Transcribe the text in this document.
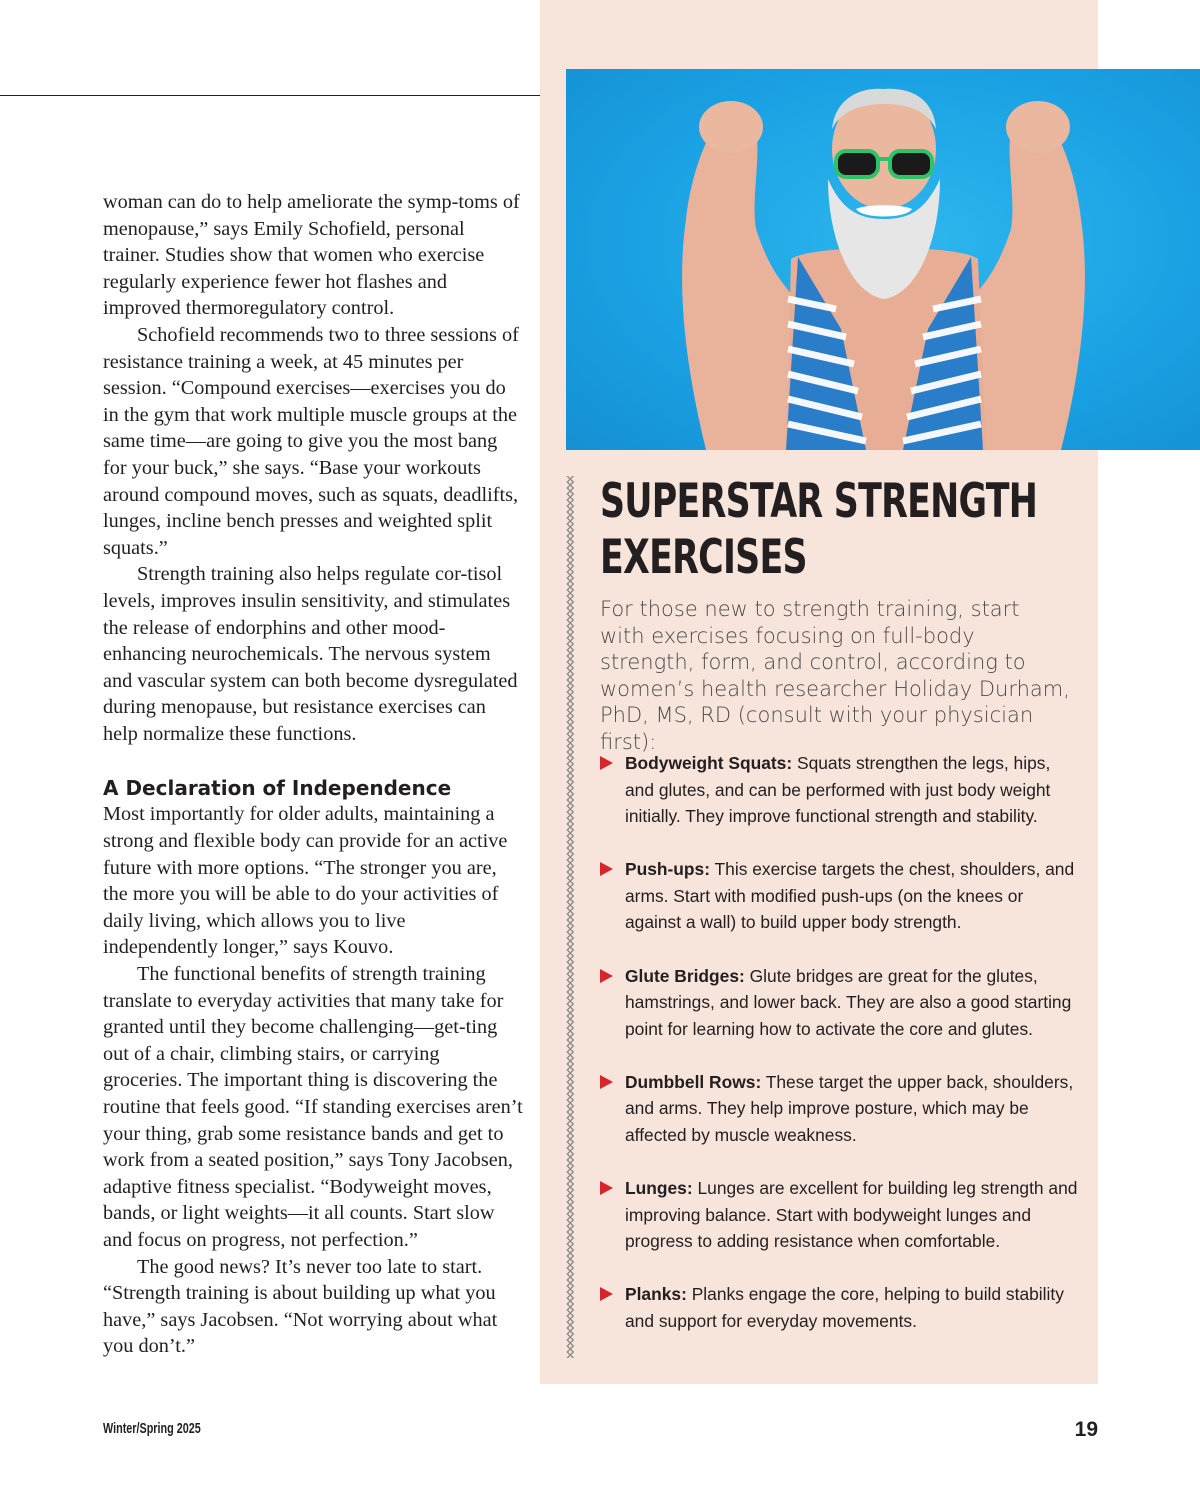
woman can do to help ameliorate the symp-toms of menopause,” says Emily Schofield, personal trainer. Studies show that women who exercise regularly experience fewer hot flashes and improved thermoregulatory control.

Schofield recommends two to three sessions of resistance training a week, at 45 minutes per session. “Compound exercises—exercises you do in the gym that work multiple muscle groups at the same time—are going to give you the most bang for your buck,” she says. “Base your workouts around compound moves, such as squats, deadlifts, lunges, incline bench presses and weighted split squats.”

Strength training also helps regulate cor-tisol levels, improves insulin sensitivity, and stimulates the release of endorphins and other mood-enhancing neurochemicals. The nervous system and vascular system can both become dysregulated during menopause, but resistance exercises can help normalize these functions.

A Declaration of Independence

Most importantly for older adults, maintaining a strong and flexible body can provide for an active future with more options. “The stronger you are, the more you will be able to do your activities of daily living, which allows you to live independently longer,” says Kouvo.

The functional benefits of strength training translate to everyday activities that many take for granted until they become challenging—get-ting out of a chair, climbing stairs, or carrying groceries. The important thing is discovering the routine that feels good. “If standing exercises aren’t your thing, grab some resistance bands and get to work from a seated position,” says Tony Jacobsen, adaptive fitness specialist. “Bodyweight moves, bands, or light weights—it all counts. Start slow and focus on progress, not perfection.”

The good news? It’s never too late to start. “Strength training is about building up what you have,” says Jacobsen. “Not worrying about what you don’t.”

SUPERSTAR STRENGTH
EXERCISES
For those new to strength training, start with exercises focusing on full-body strength, form, and control, according to women’s health researcher Holiday Durham, PhD, MS, RD (consult with your physician first):
Bodyweight Squats: Squats strengthen the legs, hips, and glutes, and can be performed with just body weight initially. They improve functional strength and stability.
Push-ups: This exercise targets the chest, shoulders, and arms. Start with modified push-ups (on the knees or against a wall) to build upper body strength.
Glute Bridges: Glute bridges are great for the glutes, hamstrings, and lower back. They are also a good starting point for learning how to activate the core and glutes.
Dumbbell Rows: These target the upper back, shoulders, and arms. They help improve posture, which may be affected by muscle weakness.
Lunges: Lunges are excellent for building leg strength and improving balance. Start with bodyweight lunges and progress to adding resistance when comfortable.
Planks: Planks engage the core, helping to build stability and support for everyday movements.
Winter/Spring 2025	19
